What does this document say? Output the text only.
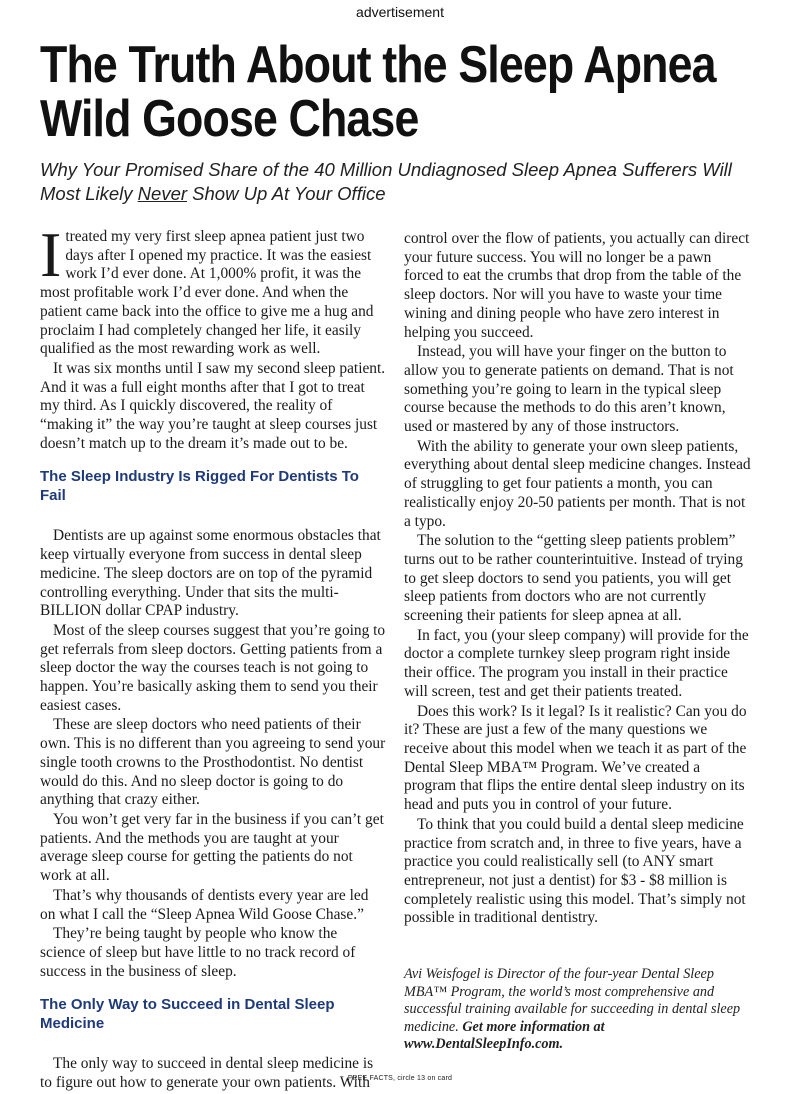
advertisement
The Truth About the Sleep Apnea
Wild Goose Chase

Why Your Promised Share of the 40 Million Undiagnosed Sleep Apnea Sufferers Will Most Likely Never Show Up At Your Office

Itreated my very first sleep apnea patient just two days after I opened my practice. It was the easiest work I’d ever done. At 1,000% profit, it was the most profitable work I’d ever done. And when the patient came back into the office to give me a hug and proclaim I had completely changed her life, it easily qualified as the most rewarding work as well.

It was six months until I saw my second sleep patient. And it was a full eight months after that I got to treat my third. As I quickly discovered, the reality of “making it” the way you’re taught at sleep courses just doesn’t match up to the dream it’s made out to be.

The Sleep Industry Is Rigged For Dentists To Fail

Dentists are up against some enormous obstacles that keep virtually everyone from success in dental sleep medicine. The sleep doctors are on top of the pyramid controlling everything. Under that sits the multi-BILLION dollar CPAP industry.

Most of the sleep courses suggest that you’re going to get referrals from sleep doctors. Getting patients from a sleep doctor the way the courses teach is not going to happen. You’re basically asking them to send you their easiest cases.

These are sleep doctors who need patients of their own. This is no different than you agreeing to send your single tooth crowns to the Prosthodontist. No dentist would do this. And no sleep doctor is going to do anything that crazy either.

You won’t get very far in the business if you can’t get patients. And the methods you are taught at your average sleep course for getting the patients do not work at all.

That’s why thousands of dentists every year are led on what I call the “Sleep Apnea Wild Goose Chase.”

They’re being taught by people who know the science of sleep but have little to no track record of success in the business of sleep.

The Only Way to Succeed in Dental Sleep Medicine

The only way to succeed in dental sleep medicine is to figure out how to generate your own patients. With

control over the flow of patients, you actually can direct your future success. You will no longer be a pawn forced to eat the crumbs that drop from the table of the sleep doctors. Nor will you have to waste your time wining and dining people who have zero interest in helping you succeed.

Instead, you will have your finger on the button to allow you to generate patients on demand. That is not something you’re going to learn in the typical sleep course because the methods to do this aren’t known, used or mastered by any of those instructors.

With the ability to generate your own sleep patients, everything about dental sleep medicine changes. Instead of struggling to get four patients a month, you can realistically enjoy 20-50 patients per month. That is not a typo.

The solution to the “getting sleep patients problem” turns out to be rather counterintuitive. Instead of trying to get sleep doctors to send you patients, you will get sleep patients from doctors who are not currently screening their patients for sleep apnea at all.

In fact, you (your sleep company) will provide for the doctor a complete turnkey sleep program right inside their office. The program you install in their practice will screen, test and get their patients treated.

Does this work? Is it legal? Is it realistic? Can you do it? These are just a few of the many questions we receive about this model when we teach it as part of the Dental Sleep MBA™ Program. We’ve created a program that flips the entire dental sleep industry on its head and puts you in control of your future.

To think that you could build a dental sleep medicine practice from scratch and, in three to five years, have a practice you could realistically sell (to ANY smart entrepreneur, not just a dentist) for $3 - $8 million is completely realistic using this model. That’s simply not possible in traditional dentistry.

Avi Weisfogel is Director of the four-year Dental Sleep MBA™ Program, the world’s most comprehensive and successful training available for succeeding in dental sleep medicine. Get more information at www.DentalSleepInfo.com.
FREE FACTS, circle 13 on card
